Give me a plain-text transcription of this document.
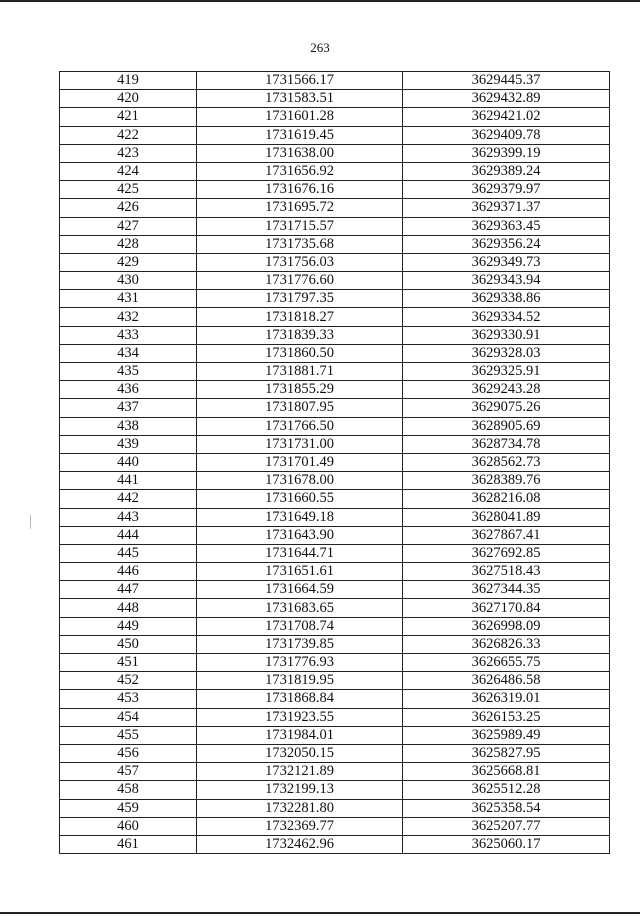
263
419	1731566.17	3629445.37
420	1731583.51	3629432.89
421	1731601.28	3629421.02
422	1731619.45	3629409.78
423	1731638.00	3629399.19
424	1731656.92	3629389.24
425	1731676.16	3629379.97
426	1731695.72	3629371.37
427	1731715.57	3629363.45
428	1731735.68	3629356.24
429	1731756.03	3629349.73
430	1731776.60	3629343.94
431	1731797.35	3629338.86
432	1731818.27	3629334.52
433	1731839.33	3629330.91
434	1731860.50	3629328.03
435	1731881.71	3629325.91
436	1731855.29	3629243.28
437	1731807.95	3629075.26
438	1731766.50	3628905.69
439	1731731.00	3628734.78
440	1731701.49	3628562.73
441	1731678.00	3628389.76
442	1731660.55	3628216.08
443	1731649.18	3628041.89
444	1731643.90	3627867.41
445	1731644.71	3627692.85
446	1731651.61	3627518.43
447	1731664.59	3627344.35
448	1731683.65	3627170.84
449	1731708.74	3626998.09
450	1731739.85	3626826.33
451	1731776.93	3626655.75
452	1731819.95	3626486.58
453	1731868.84	3626319.01
454	1731923.55	3626153.25
455	1731984.01	3625989.49
456	1732050.15	3625827.95
457	1732121.89	3625668.81
458	1732199.13	3625512.28
459	1732281.80	3625358.54
460	1732369.77	3625207.77
461	1732462.96	3625060.17
